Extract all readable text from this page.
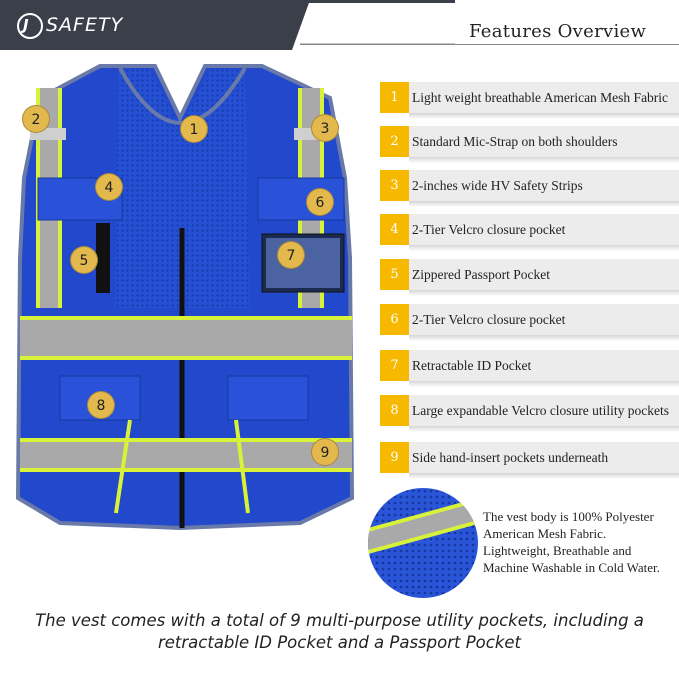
J SAFETY	Features Overview
1
2
3
4
5
6
7
8
9
1 Light weight breathable American Mesh Fabric
2 Standard Mic-Strap on both shoulders
3 2-inches wide HV Safety Strips
4 2-Tier Velcro closure pocket
5 Zippered Passport Pocket
6 2-Tier Velcro closure pocket
7 Retractable ID Pocket
8 Large expandable Velcro closure utility pockets
9 Side hand-insert pockets underneath
The vest body is 100% Polyester
American Mesh Fabric.
Lightweight, Breathable and
Machine Washable in Cold Water.
The vest comes with a total of 9 multi-purpose utility pockets, including a
retractable ID Pocket and a Passport Pocket
